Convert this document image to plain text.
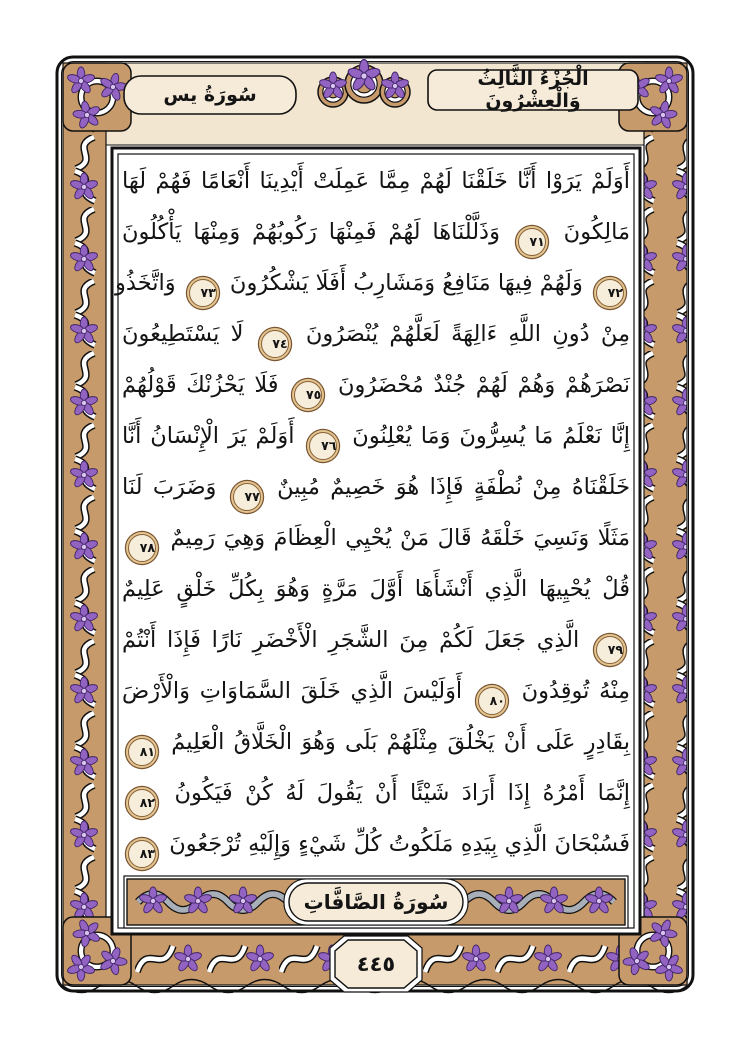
سُورَةُ يس
الْجُزْءُ الثَّالِثُ وَالْعِشْرُونَ
أَوَلَمْ يَرَوْا أَنَّا خَلَقْنَا لَهُمْ مِمَّا عَمِلَتْ أَيْدِينَا أَنْعَامًا فَهُمْ لَهَا
مَالِكُونَ ٧١ وَذَلَّلْنَاهَا لَهُمْ فَمِنْهَا رَكُوبُهُمْ وَمِنْهَا يَأْكُلُونَ
٧٢ وَلَهُمْ فِيهَا مَنَافِعُ وَمَشَارِبُ أَفَلَا يَشْكُرُونَ ٧٣ وَاتَّخَذُوا
مِنْ دُونِ اللَّهِ ءَالِهَةً لَعَلَّهُمْ يُنْصَرُونَ ٧٤ لَا يَسْتَطِيعُونَ
نَصْرَهُمْ وَهُمْ لَهُمْ جُنْدٌ مُحْضَرُونَ ٧٥ فَلَا يَحْزُنْكَ قَوْلُهُمْ
إِنَّا نَعْلَمُ مَا يُسِرُّونَ وَمَا يُعْلِنُونَ ٧٦ أَوَلَمْ يَرَ الْإِنْسَانُ أَنَّا
خَلَقْنَاهُ مِنْ نُطْفَةٍ فَإِذَا هُوَ خَصِيمٌ مُبِينٌ ٧٧ وَضَرَبَ لَنَا
مَثَلًا وَنَسِيَ خَلْقَهُ قَالَ مَنْ يُحْيِي الْعِظَامَ وَهِيَ رَمِيمٌ ٧٨
قُلْ يُحْيِيهَا الَّذِي أَنْشَأَهَا أَوَّلَ مَرَّةٍ وَهُوَ بِكُلِّ خَلْقٍ عَلِيمٌ
٧٩ الَّذِي جَعَلَ لَكُمْ مِنَ الشَّجَرِ الْأَخْضَرِ نَارًا فَإِذَا أَنْتُمْ
مِنْهُ تُوقِدُونَ ٨٠ أَوَلَيْسَ الَّذِي خَلَقَ السَّمَاوَاتِ وَالْأَرْضَ
بِقَادِرٍ عَلَى أَنْ يَخْلُقَ مِثْلَهُمْ بَلَى وَهُوَ الْخَلَّاقُ الْعَلِيمُ ٨١
إِنَّمَا أَمْرُهُ إِذَا أَرَادَ شَيْئًا أَنْ يَقُولَ لَهُ كُنْ فَيَكُونُ ٨٢
فَسُبْحَانَ الَّذِي بِيَدِهِ مَلَكُوتُ كُلِّ شَيْءٍ وَإِلَيْهِ تُرْجَعُونَ ٨٣
سُورَةُ الصَّافَّاتِ
٤٤٥
